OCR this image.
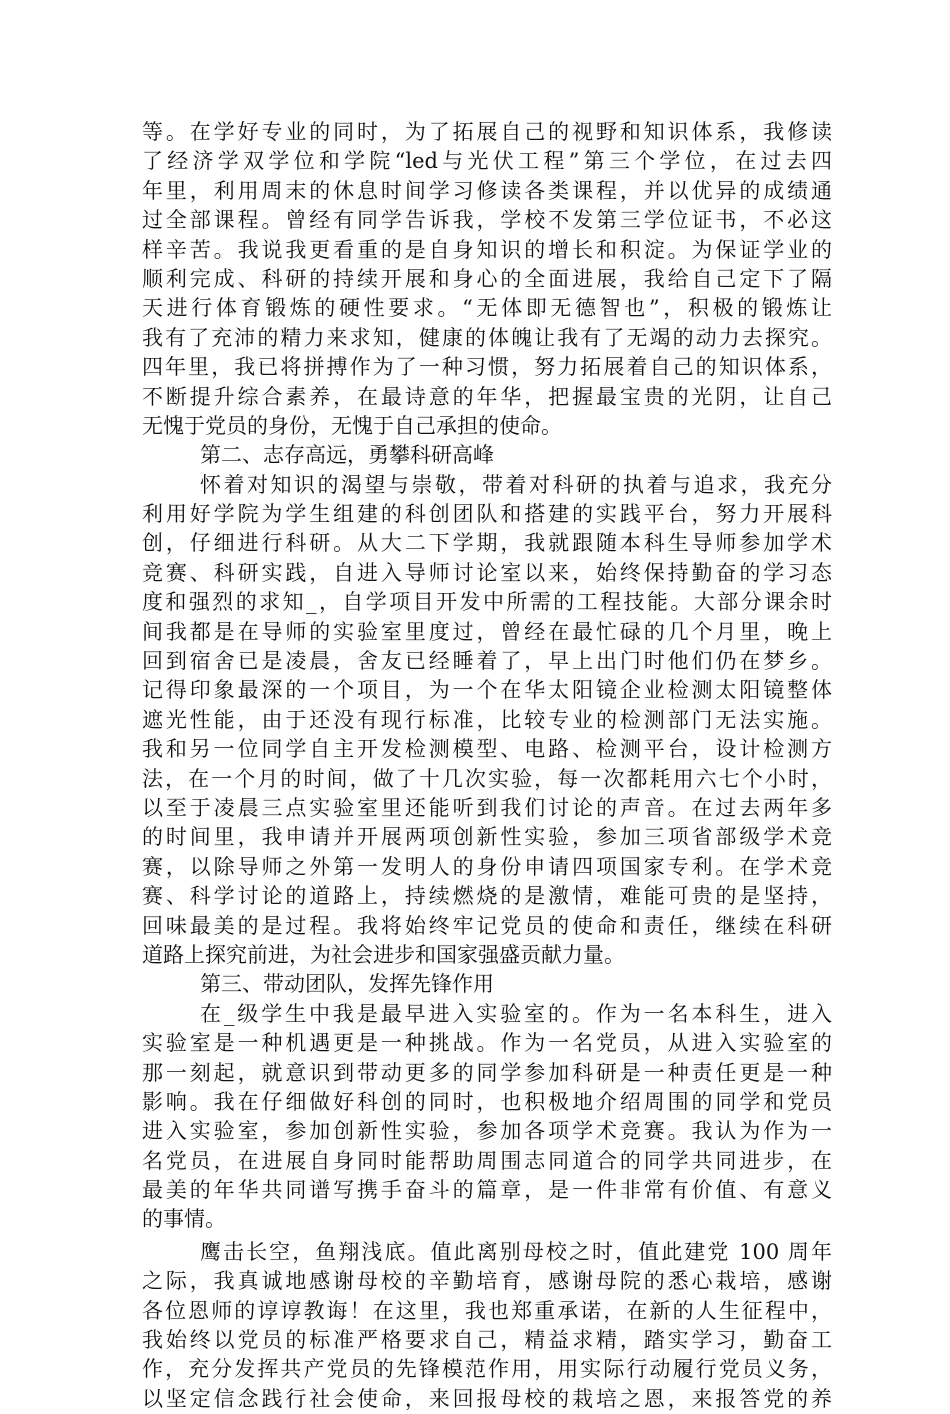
等。在学好专业的同时，为了拓展自己的视野和知识体系，我修读
了经济学双学位和学院“led与光伏工程”第三个学位，在过去四
年里，利用周末的休息时间学习修读各类课程，并以优异的成绩通
过全部课程。曾经有同学告诉我，学校不发第三学位证书，不必这
样辛苦。我说我更看重的是自身知识的增长和积淀。为保证学业的
顺利完成、科研的持续开展和身心的全面进展，我给自己定下了隔
天进行体育锻炼的硬性要求。“无体即无德智也”，积极的锻炼让
我有了充沛的精力来求知，健康的体魄让我有了无竭的动力去探究。
四年里，我已将拼搏作为了一种习惯，努力拓展着自己的知识体系，
不断提升综合素养，在最诗意的年华，把握最宝贵的光阴，让自己
无愧于党员的身份，无愧于自己承担的使命。
第二、志存高远，勇攀科研高峰
怀着对知识的渴望与崇敬，带着对科研的执着与追求，我充分
利用好学院为学生组建的科创团队和搭建的实践平台，努力开展科
创，仔细进行科研。从大二下学期，我就跟随本科生导师参加学术
竞赛、科研实践，自进入导师讨论室以来，始终保持勤奋的学习态
度和强烈的求知_，自学项目开发中所需的工程技能。大部分课余时
间我都是在导师的实验室里度过，曾经在最忙碌的几个月里，晚上
回到宿舍已是凌晨，舍友已经睡着了，早上出门时他们仍在梦乡。
记得印象最深的一个项目，为一个在华太阳镜企业检测太阳镜整体
遮光性能，由于还没有现行标准，比较专业的检测部门无法实施。
我和另一位同学自主开发检测模型、电路、检测平台，设计检测方
法，在一个月的时间，做了十几次实验，每一次都耗用六七个小时，
以至于凌晨三点实验室里还能听到我们讨论的声音。在过去两年多
的时间里，我申请并开展两项创新性实验，参加三项省部级学术竞
赛，以除导师之外第一发明人的身份申请四项国家专利。在学术竞
赛、科学讨论的道路上，持续燃烧的是激情，难能可贵的是坚持，
回味最美的是过程。我将始终牢记党员的使命和责任，继续在科研
道路上探究前进，为社会进步和国家强盛贡献力量。
第三、带动团队，发挥先锋作用
在_级学生中我是最早进入实验室的。作为一名本科生，进入
实验室是一种机遇更是一种挑战。作为一名党员，从进入实验室的
那一刻起，就意识到带动更多的同学参加科研是一种责任更是一种
影响。我在仔细做好科创的同时，也积极地介绍周围的同学和党员
进入实验室，参加创新性实验，参加各项学术竞赛。我认为作为一
名党员，在进展自身同时能帮助周围志同道合的同学共同进步，在
最美的年华共同谱写携手奋斗的篇章，是一件非常有价值、有意义
的事情。
鹰击长空，鱼翔浅底。值此离别母校之时，值此建党 100 周年
之际，我真诚地感谢母校的辛勤培育，感谢母院的悉心栽培，感谢
各位恩师的谆谆教诲！在这里，我也郑重承诺，在新的人生征程中，
我始终以党员的标准严格要求自己，精益求精，踏实学习，勤奋工
作，充分发挥共产党员的先锋模范作用，用实际行动履行党员义务，
以坚定信念践行社会使命，来回报母校的栽培之恩，来报答党的养
